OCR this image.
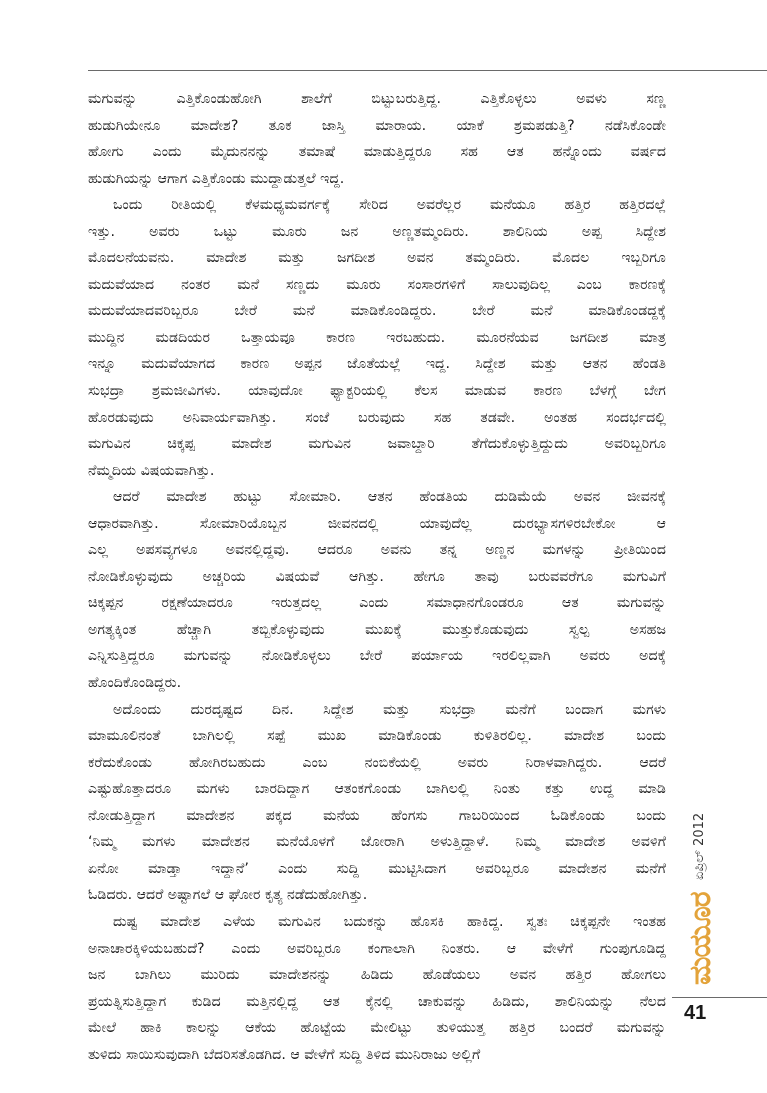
ಮಗುವನ್ನು ಎತ್ತಿಕೊಂಡುಹೋಗಿ ಶಾಲೆಗೆ ಬಿಟ್ಟುಬರುತ್ತಿದ್ದ. ಎತ್ತಿಕೊಳ್ಳಲು ಅವಳು ಸಣ್ಣ
ಹುಡುಗಿಯೇನೂ ಮಾದೇಶ? ತೂಕ ಜಾಸ್ತಿ ಮಾರಾಯ. ಯಾಕೆ ಶ್ರಮಪಡುತ್ತಿ? ನಡೆಸಿಕೊಂಡೇ
ಹೋಗು ಎಂದು ಮೈದುನನನ್ನು ತಮಾಷೆ ಮಾಡುತ್ತಿದ್ದರೂ ಸಹ ಆತ ಹನ್ನೊಂದು ವರ್ಷದ
ಹುಡುಗಿಯನ್ನು ಆಗಾಗ ಎತ್ತಿಕೊಂಡು ಮುದ್ದಾಡುತ್ತಲೆ ಇದ್ದ.
ಒಂದು ರೀತಿಯಲ್ಲಿ ಕೆಳಮಧ್ಯಮವರ್ಗಕ್ಕೆ ಸೇರಿದ ಅವರೆಲ್ಲರ ಮನೆಯೂ ಹತ್ತಿರ ಹತ್ತಿರದಲ್ಲೆ
ಇತ್ತು. ಅವರು ಒಟ್ಟು ಮೂರು ಜನ ಅಣ್ಣತಮ್ಮಂದಿರು. ಶಾಲಿನಿಯ ಅಪ್ಪ ಸಿದ್ದೇಶ
ಮೊದಲನೆಯವನು. ಮಾದೇಶ ಮತ್ತು ಜಗದೀಶ ಅವನ ತಮ್ಮಂದಿರು. ಮೊದಲ ಇಬ್ಬರಿಗೂ
ಮದುವೆಯಾದ ನಂತರ ಮನೆ ಸಣ್ಣದು ಮೂರು ಸಂಸಾರಗಳಿಗೆ ಸಾಲುವುದಿಲ್ಲ ಎಂಬ ಕಾರಣಕ್ಕೆ
ಮದುವೆಯಾದವರಿಬ್ಬರೂ ಬೇರೆ ಮನೆ ಮಾಡಿಕೊಂಡಿದ್ದರು. ಬೇರೆ ಮನೆ ಮಾಡಿಕೊಂಡದ್ದಕ್ಕೆ
ಮುದ್ದಿನ ಮಡದಿಯರ ಒತ್ತಾಯವೂ ಕಾರಣ ಇರಬಹುದು. ಮೂರನೆಯವ ಜಗದೀಶ ಮಾತ್ರ
ಇನ್ನೂ ಮದುವೆಯಾಗದ ಕಾರಣ ಅಪ್ಪನ ಜೊತೆಯಲ್ಲೆ ಇದ್ದ. ಸಿದ್ದೇಶ ಮತ್ತು ಆತನ ಹೆಂಡತಿ
ಸುಭದ್ರಾ ಶ್ರಮಜೀವಿಗಳು. ಯಾವುದೋ ಫ್ಯಾಕ್ಟರಿಯಲ್ಲಿ ಕೆಲಸ ಮಾಡುವ ಕಾರಣ ಬೆಳಗ್ಗೆ ಬೇಗ
ಹೊರಡುವುದು ಅನಿವಾರ್ಯವಾಗಿತ್ತು. ಸಂಜೆ ಬರುವುದು ಸಹ ತಡವೇ. ಅಂತಹ ಸಂದರ್ಭದಲ್ಲಿ
ಮಗುವಿನ ಚಿಕ್ಕಪ್ಪ ಮಾದೇಶ ಮಗುವಿನ ಜವಾಬ್ದಾರಿ ತೆಗೆದುಕೊಳ್ಳುತ್ತಿದ್ದುದು ಅವರಿಬ್ಬರಿಗೂ
ನೆಮ್ಮದಿಯ ವಿಷಯವಾಗಿತ್ತು.
ಆದರೆ ಮಾದೇಶ ಹುಟ್ಟು ಸೋಮಾರಿ. ಆತನ ಹೆಂಡತಿಯ ದುಡಿಮೆಯೆ ಅವನ ಜೀವನಕ್ಕೆ
ಆಧಾರವಾಗಿತ್ತು. ಸೋಮಾರಿಯೊಬ್ಬನ ಜೀವನದಲ್ಲಿ ಯಾವುದೆಲ್ಲ ದುರಭ್ಯಾಸಗಳಿರಬೇಕೋ ಆ
ಎಲ್ಲ ಅಪಸವ್ಯಗಳೂ ಅವನಲ್ಲಿದ್ದವು. ಆದರೂ ಅವನು ತನ್ನ ಅಣ್ಣನ ಮಗಳನ್ನು ಪ್ರೀತಿಯಿಂದ
ನೋಡಿಕೊಳ್ಳುವುದು ಅಚ್ಚರಿಯ ವಿಷಯವೆ ಆಗಿತ್ತು. ಹೇಗೂ ತಾವು ಬರುವವರೆಗೂ ಮಗುವಿಗೆ
ಚಿಕ್ಕಪ್ಪನ ರಕ್ಷಣೆಯಾದರೂ ಇರುತ್ತದಲ್ಲ ಎಂದು ಸಮಾಧಾನಗೊಂಡರೂ ಆತ ಮಗುವನ್ನು
ಅಗತ್ಯಕ್ಕಿಂತ ಹೆಚ್ಚಾಗಿ ತಬ್ಬಿಕೊಳ್ಳುವುದು ಮುಖಕ್ಕೆ ಮುತ್ತುಕೊಡುವುದು ಸ್ವಲ್ಪ ಅಸಹಜ
ಎನ್ನಿಸುತ್ತಿದ್ದರೂ ಮಗುವನ್ನು ನೋಡಿಕೊಳ್ಳಲು ಬೇರೆ ಪರ್ಯಾಯ ಇರಲಿಲ್ಲವಾಗಿ ಅವರು ಅದಕ್ಕೆ
ಹೊಂದಿಕೊಂಡಿದ್ದರು.
ಅದೊಂದು ದುರದೃಷ್ಟದ ದಿನ. ಸಿದ್ದೇಶ ಮತ್ತು ಸುಭದ್ರಾ ಮನೆಗೆ ಬಂದಾಗ ಮಗಳು
ಮಾಮೂಲಿನಂತೆ ಬಾಗಿಲಲ್ಲಿ ಸಪ್ಪೆ ಮುಖ ಮಾಡಿಕೊಂಡು ಕುಳಿತಿರಲಿಲ್ಲ. ಮಾದೇಶ ಬಂದು
ಕರೆದುಕೊಂಡು ಹೋಗಿರಬಹುದು ಎಂಬ ನಂಬಿಕೆಯಲ್ಲಿ ಅವರು ನಿರಾಳವಾಗಿದ್ದರು. ಆದರೆ
ಎಷ್ಟುಹೊತ್ತಾದರೂ ಮಗಳು ಬಾರದಿದ್ದಾಗ ಆತಂಕಗೊಂಡು ಬಾಗಿಲಲ್ಲಿ ನಿಂತು ಕತ್ತು ಉದ್ದ ಮಾಡಿ
ನೋಡುತ್ತಿದ್ದಾಗ ಮಾದೇಶನ ಪಕ್ಕದ ಮನೆಯ ಹೆಂಗಸು ಗಾಬರಿಯಿಂದ ಓಡಿಕೊಂಡು ಬಂದು
‘ನಿಮ್ಮ ಮಗಳು ಮಾದೇಶನ ಮನೆಯೊಳಗೆ ಜೋರಾಗಿ ಅಳುತ್ತಿದ್ದಾಳೆ. ನಿಮ್ಮ ಮಾದೇಶ ಅವಳಿಗೆ
ಏನೋ ಮಾಡ್ತಾ ಇದ್ದಾನೆ’ ಎಂದು ಸುದ್ದಿ ಮುಟ್ಟಿಸಿದಾಗ ಅವರಿಬ್ಬರೂ ಮಾದೇಶನ ಮನೆಗೆ
ಓಡಿದರು. ಆದರೆ ಅಷ್ಟಾಗಲೆ ಆ ಘೋರ ಕೃತ್ಯ ನಡೆದುಹೋಗಿತ್ತು.
ದುಷ್ಟ ಮಾದೇಶ ಎಳೆಯ ಮಗುವಿನ ಬದುಕನ್ನು ಹೊಸಕಿ ಹಾಕಿದ್ದ. ಸ್ವತಃ ಚಿಕ್ಕಪ್ಪನೇ ಇಂತಹ
ಅನಾಚಾರಕ್ಕಿಳಿಯಬಹುದೆ? ಎಂದು ಅವರಿಬ್ಬರೂ ಕಂಗಾಲಾಗಿ ನಿಂತರು. ಆ ವೇಳೆಗೆ ಗುಂಪುಗೂಡಿದ್ದ
ಜನ ಬಾಗಿಲು ಮುರಿದು ಮಾದೇಶನನ್ನು ಹಿಡಿದು ಹೊಡೆಯಲು ಅವನ ಹತ್ತಿರ ಹೋಗಲು
ಪ್ರಯತ್ನಿಸುತ್ತಿದ್ದಾಗ ಕುಡಿದ ಮತ್ತಿನಲ್ಲಿದ್ದ ಆತ ಕೈನಲ್ಲಿ ಚಾಕುವನ್ನು ಹಿಡಿದು, ಶಾಲಿನಿಯನ್ನು ನೆಲದ
ಮೇಲೆ ಹಾಕಿ ಕಾಲನ್ನು ಆಕೆಯ ಹೊಟ್ಟೆಯ ಮೇಲಿಟ್ಟು ತುಳಿಯುತ್ತ ಹತ್ತಿರ ಬಂದರೆ ಮಗುವನ್ನು
ತುಳಿದು ಸಾಯಿಸುವುದಾಗಿ ಬೆದರಿಸತೊಡಗಿದ. ಆ ವೇಳೆಗೆ ಸುದ್ದಿ ತಿಳಿದ ಮುನಿರಾಜು ಅಲ್ಲಿಗೆ
ಏಪ್ರಿಲ್ 2012
ಮಯೂರ
41
